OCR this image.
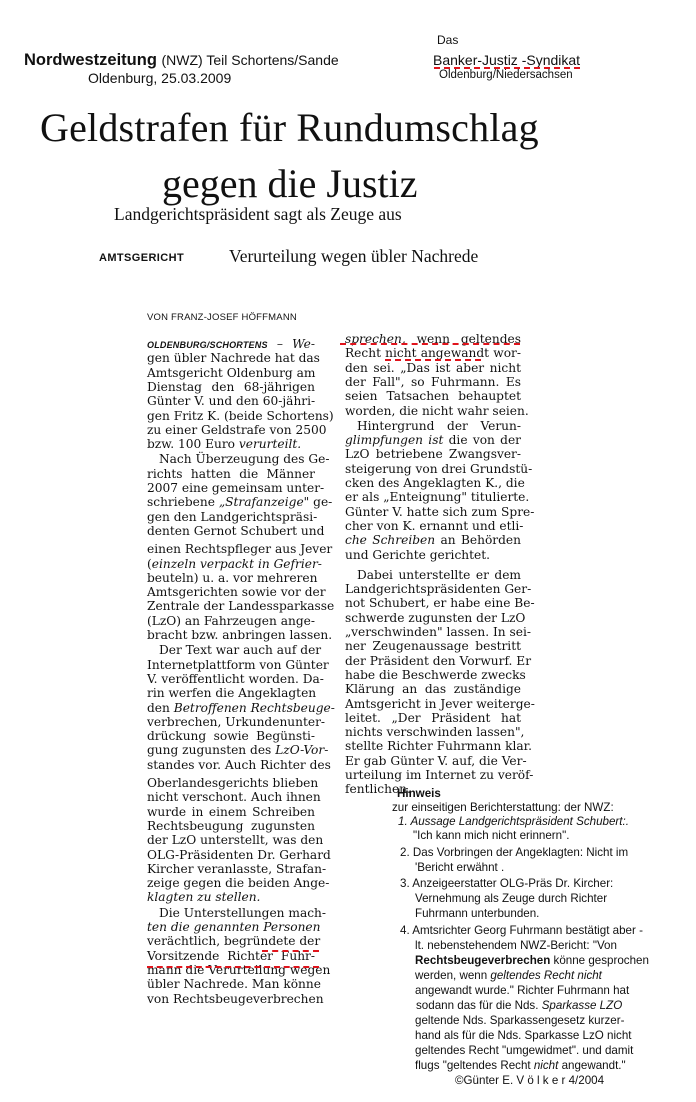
Nordwestzeitung (NWZ) Teil Schortens/Sande
Oldenburg, 25.03.2009
Das
Banker-Justiz -Syndikat
Oldenburg/Niedersachsen
Geldstrafen für Rundumschlag
gegen die Justiz
Landgerichtspräsident sagt als Zeuge aus
AMTSGERICHT	Verurteilung wegen übler Nachrede
VON FRANZ-JOSEF HÖFFMANN
OLDENBURG/SCHORTENS – We-
gen übler Nachrede hat das
Amtsgericht Oldenburg am
Dienstag den 68-jährigen
Günter V. und den 60-jähri-
gen Fritz K. (beide Schortens)
zu einer Geldstrafe von 2500
bzw. 100 Euro verurteilt.
Nach Überzeugung des Ge-
richts hatten die Männer
2007 eine gemeinsam unter-
schriebene „Strafanzeige" ge-
gen den Landgerichtspräsi-
denten Gernot Schubert und
einen Rechtspfleger aus Jever
(einzeln verpackt in Gefrier-
beuteln) u. a. vor mehreren
Amtsgerichten sowie vor der
Zentrale der Landessparkasse
(LzO) an Fahrzeugen ange-
bracht bzw. anbringen lassen.
Der Text war auch auf der
Internetplattform von Günter
V. veröffentlicht worden. Da-
rin werfen die Angeklagten
den Betroffenen Rechtsbeuge-
verbrechen, Urkundenunter-
drückung sowie Begünsti-
gung zugunsten des LzO-Vor-
standes vor. Auch Richter des
Oberlandesgerichts blieben
nicht verschont. Auch ihnen
wurde in einem Schreiben
Rechtsbeugung zugunsten
der LzO unterstellt, was den
OLG-Präsidenten Dr. Gerhard
Kircher veranlasste, Strafan-
zeige gegen die beiden Ange-
klagten zu stellen.
Die Unterstellungen mach-
ten die genannten Personen
verächtlich, begründete der
Vorsitzende Richter Fuhr-
mann die Verurteilung wegen
übler Nachrede. Man könne
von Rechtsbeugeverbrechen
sprechen, wenn geltendes
Recht nicht angewandt wor-
den sei. „Das ist aber nicht
der Fall", so Fuhrmann. Es
seien Tatsachen behauptet
worden, die nicht wahr seien.
Hintergrund der Verun-
glimpfungen ist die von der
LzO betriebene Zwangsver-
steigerung von drei Grundstü-
cken des Angeklagten K., die
er als „Enteignung" titulierte.
Günter V. hatte sich zum Spre-
cher von K. ernannt und etli-
che Schreiben an Behörden
und Gerichte gerichtet.
Dabei unterstellte er dem
Landgerichtspräsidenten Ger-
not Schubert, er habe eine Be-
schwerde zugunsten der LzO
„verschwinden" lassen. In sei-
ner Zeugenaussage bestritt
der Präsident den Vorwurf. Er
habe die Beschwerde zwecks
Klärung an das zuständige
Amtsgericht in Jever weiterge-
leitet. „Der Präsident hat
nichts verschwinden lassen",
stellte Richter Fuhrmann klar.
Er gab Günter V. auf, die Ver-
urteilung im Internet zu veröf-
fentlichen.
Hinweis
zur einseitigen Berichterstattung: der NWZ:
1. Aussage Landgerichtspräsident Schubert:.
"Ich kann mich nicht erinnern".
2. Das Vorbringen der Angeklagten: Nicht im
'Bericht erwähnt .
3. Anzeigeerstatter OLG-Präs Dr. Kircher:
Vernehmung als Zeuge durch Richter
Fuhrmann unterbunden.
4. Amtsrichter Georg Fuhrmann bestätigt aber -
lt. nebenstehendem NWZ-Bericht: "Von
Rechtsbeugeverbrechen könne gesprochen
werden, wenn geltendes Recht nicht
angewandt wurde." Richter Fuhrmann hat
sodann das für die Nds. Sparkasse LZO
geltende Nds. Sparkassengesetz kurzer-
hand als für die Nds. Sparkasse LzO nicht
geltendes Recht "umgewidmet". und damit
flugs "geltendes Recht nicht angewandt."
©Günter E. V ö l k e r 4/2004
